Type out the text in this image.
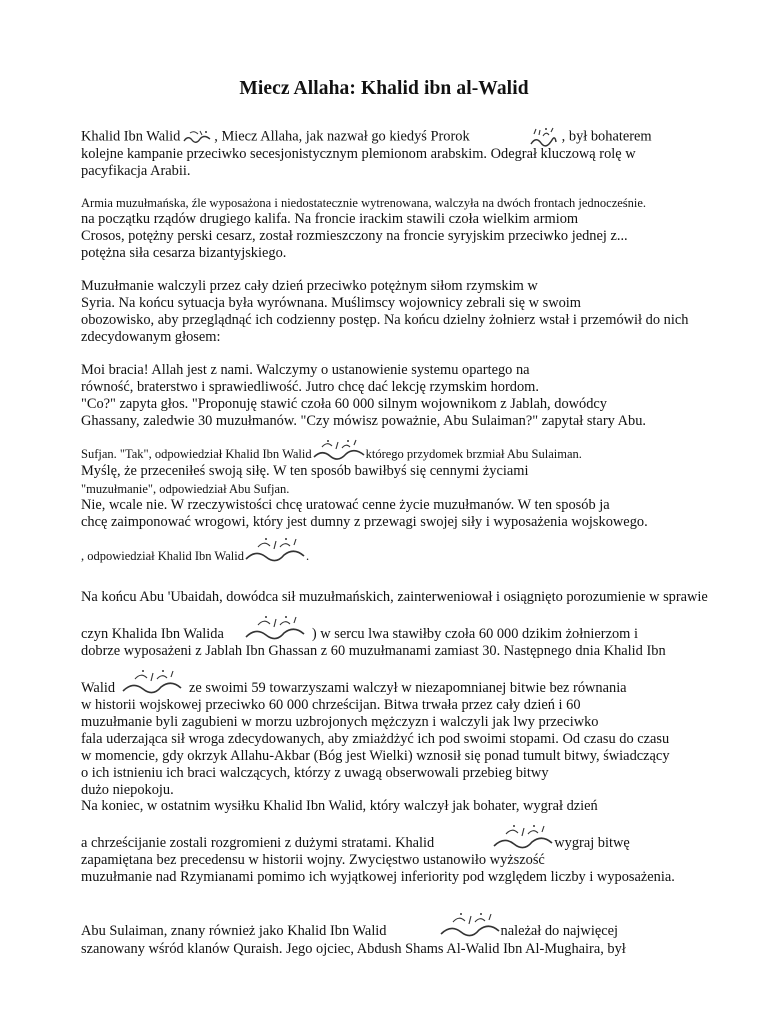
Miecz Allaha: Khalid ibn al-Walid
Khalid Ibn Walid , Miecz Allaha, jak nazwał go kiedyś Prorok	, był bohaterem
kolejne kampanie przeciwko secesjonistycznym plemionom arabskim. Odegrał kluczową rolę w
pacyfikacja Arabii.
Armia muzułmańska, źle wyposażona i niedostatecznie wytrenowana, walczyła na dwóch frontach jednocześnie.
na początku rządów drugiego kalifa. Na froncie irackim stawili czoła wielkim armiom
Crosos, potężny perski cesarz, został rozmieszczony na froncie syryjskim przeciwko jednej z...
potężna siła cesarza bizantyjskiego.
Muzułmanie walczyli przez cały dzień przeciwko potężnym siłom rzymskim w
Syria. Na końcu sytuacja była wyrównana. Muślimscy wojownicy zebrali się w swoim
obozowisko, aby przeglądnąć ich codzienny postęp. Na końcu dzielny żołnierz wstał i przemówił do nich
zdecydowanym głosem:
Moi bracia! Allah jest z nami. Walczymy o ustanowienie systemu opartego na
równość, braterstwo i sprawiedliwość. Jutro chcę dać lekcję rzymskim hordom.
"Co?" zapyta głos. "Proponuję stawić czoła 60 000 silnym wojownikom z Jablah, dowódcy
Ghassany, zaledwie 30 muzułmanów. "Czy mówisz poważnie, Abu Sulaiman?" zapytał stary Abu.
Sufjan. "Tak", odpowiedział Khalid Ibn Walid	którego przydomek brzmiał Abu Sulaiman.
Myślę, że przeceniłeś swoją siłę. W ten sposób bawiłbyś się cennymi życiami
"muzułmanie", odpowiedział Abu Sufjan.
Nie, wcale nie. W rzeczywistości chcę uratować cenne życie muzułmanów. W ten sposób ja
chcę zaimponować wrogowi, który jest dumny z przewagi swojej siły i wyposażenia wojskowego.
, odpowiedział Khalid Ibn Walid	.
Na końcu Abu 'Ubaidah, dowódca sił muzułmańskich, zainterweniował i osiągnięto porozumienie w sprawie
czyn Khalida Ibn Walida	) w sercu lwa stawiłby czoła 60 000 dzikim żołnierzom i
dobrze wyposażeni z Jablah Ibn Ghassan z 60 muzułmanami zamiast 30. Następnego dnia Khalid Ibn
Walid	ze swoimi 59 towarzyszami walczył w niezapomnianej bitwie bez równania
w historii wojskowej przeciwko 60 000 chrześcijan. Bitwa trwała przez cały dzień i 60
muzułmanie byli zagubieni w morzu uzbrojonych mężczyzn i walczyli jak lwy przeciwko
fala uderzająca sił wroga zdecydowanych, aby zmiażdżyć ich pod swoimi stopami. Od czasu do czasu
w momencie, gdy okrzyk Allahu-Akbar (Bóg jest Wielki) wznosił się ponad tumult bitwy, świadczący
o ich istnieniu ich braci walczących, którzy z uwagą obserwowali przebieg bitwy
dużo niepokoju.
Na koniec, w ostatnim wysiłku Khalid Ibn Walid, który walczył jak bohater, wygrał dzień
a chrześcijanie zostali rozgromieni z dużymi stratami. Khalid	wygraj bitwę
zapamiętana bez precedensu w historii wojny. Zwycięstwo ustanowiło wyższość
muzułmanie nad Rzymianami pomimo ich wyjątkowej inferiority pod względem liczby i wyposażenia.
Abu Sulaiman, znany również jako Khalid Ibn Walid	należał do najwięcej
szanowany wśród klanów Quraish. Jego ojciec, Abdush Shams Al-Walid Ibn Al-Mughaira, był
